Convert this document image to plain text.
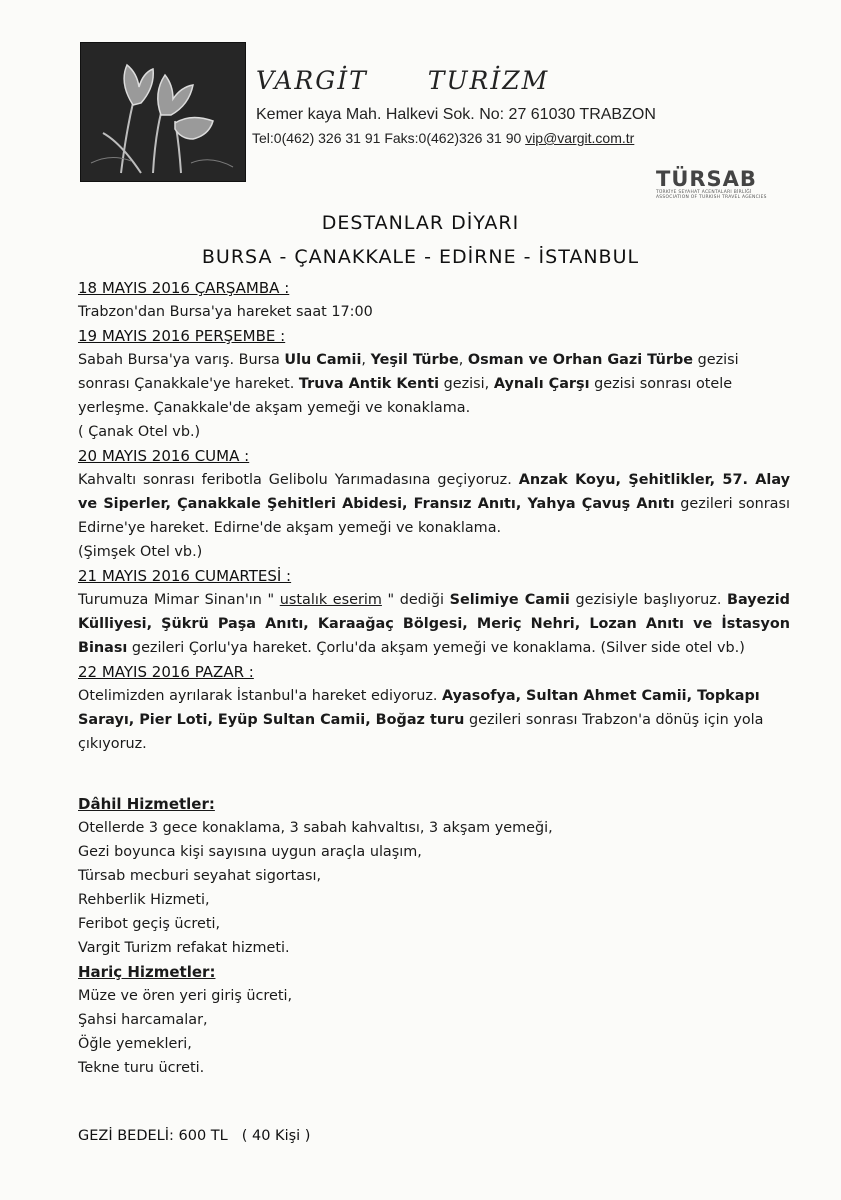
VARGİT TURİZM
Kemer kaya Mah. Halkevi Sok. No: 27 61030 TRABZON
Tel:0(462) 326 31 91 Faks:0(462)326 31 90 vip@vargit.com.tr
TÜRSAB
TÜRKİYE SEYAHAT ACENTALARI BİRLİĞİ
ASSOCIATION OF TURKISH TRAVEL AGENCIES
DESTANLAR DİYARI
BURSA - ÇANAKKALE - EDİRNE - İSTANBUL

18 MAYIS 2016 ÇARŞAMBA :

Trabzon'dan Bursa'ya hareket saat 17:00

19 MAYIS 2016 PERŞEMBE :

Sabah Bursa'ya varış. Bursa Ulu Camii, Yeşil Türbe, Osman ve Orhan Gazi Türbe gezisi sonrası Çanakkale'ye hareket. Truva Antik Kenti gezisi, Aynalı Çarşı gezisi sonrası otele yerleşme. Çanakkale'de akşam yemeği ve konaklama.

( Çanak Otel vb.)

20 MAYIS 2016 CUMA :

Kahvaltı sonrası feribotla Gelibolu Yarımadasına geçiyoruz. Anzak Koyu, Şehitlikler, 57. Alay ve Siperler, Çanakkale Şehitleri Abidesi, Fransız Anıtı, Yahya Çavuş Anıtı gezileri sonrası Edirne'ye hareket. Edirne'de akşam yemeği ve konaklama.

(Şimşek Otel vb.)

21 MAYIS 2016 CUMARTESİ :

Turumuza Mimar Sinan'ın " ustalık eserim " dediği Selimiye Camii gezisiyle başlıyoruz. Bayezid Külliyesi, Şükrü Paşa Anıtı, Karaağaç Bölgesi, Meriç Nehri, Lozan Anıtı ve İstasyon Binası gezileri Çorlu'ya hareket. Çorlu'da akşam yemeği ve konaklama. (Silver side otel vb.)

22 MAYIS 2016 PAZAR :

Otelimizden ayrılarak İstanbul'a hareket ediyoruz. Ayasofya, Sultan Ahmet Camii, Topkapı Sarayı, Pier Loti, Eyüp Sultan Camii, Boğaz turu gezileri sonrası Trabzon'a dönüş için yola çıkıyoruz.

Dâhil Hizmetler:

Otellerde 3 gece konaklama, 3 sabah kahvaltısı, 3 akşam yemeği,

Gezi boyunca kişi sayısına uygun araçla ulaşım,

Türsab mecburi seyahat sigortası,

Rehberlik Hizmeti,

Feribot geçiş ücreti,

Vargit Turizm refakat hizmeti.

Hariç Hizmetler:

Müze ve ören yeri giriş ücreti,

Şahsi harcamalar,

Öğle yemekleri,

Tekne turu ücreti.

GEZİ BEDELİ: 600 TL ( 40 Kişi )
